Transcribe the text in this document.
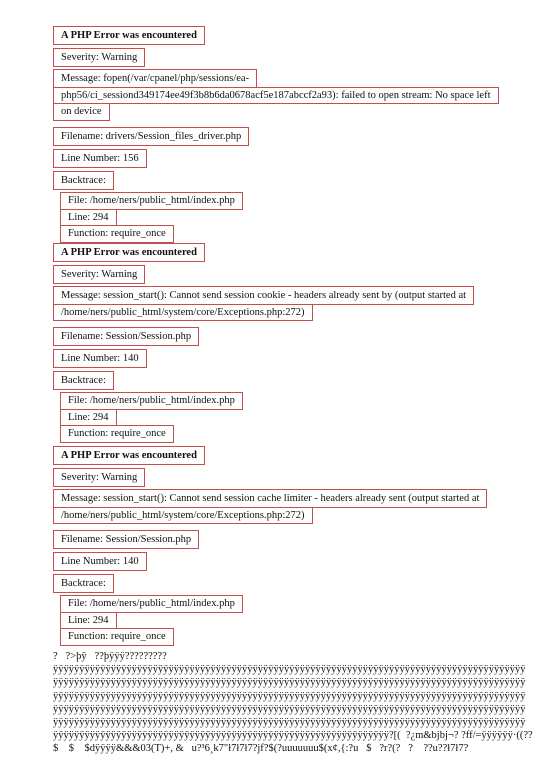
A PHP Error was encountered
Severity: Warning
Message: fopen(/var/cpanel/php/sessions/ea-
php56/ci_sessiond349174ee49f3b8b6da0678acf5e187abccf2a93): failed to open stream: No space left
on device
Filename: drivers/Session_files_driver.php
Line Number: 156
Backtrace:
File: /home/ners/public_html/index.php
Line: 294
Function: require_once
A PHP Error was encountered
Severity: Warning
Message: session_start(): Cannot send session cookie - headers already sent by (output started at
/home/ners/public_html/system/core/Exceptions.php:272)
Filename: Session/Session.php
Line Number: 140
Backtrace:
File: /home/ners/public_html/index.php
Line: 294
Function: require_once
A PHP Error was encountered
Severity: Warning
Message: session_start(): Cannot send session cache limiter - headers already sent (output started at
/home/ners/public_html/system/core/Exceptions.php:272)
Filename: Session/Session.php
Line Number: 140
Backtrace:
File: /home/ners/public_html/index.php
Line: 294
Function: require_once
?   ?>þÿ   ??þÿÿÿ?????????
ÿÿÿÿÿÿÿÿÿÿÿÿÿÿÿÿÿÿÿÿÿÿÿÿÿÿÿÿÿÿÿÿÿÿÿÿÿÿÿÿÿÿÿÿÿÿÿÿÿÿÿÿÿÿÿÿÿÿÿÿÿÿÿÿÿÿÿÿÿÿÿÿÿÿÿÿÿÿÿÿÿÿÿÿÿÿÿÿÿÿ
ÿÿÿÿÿÿÿÿÿÿÿÿÿÿÿÿÿÿÿÿÿÿÿÿÿÿÿÿÿÿÿÿÿÿÿÿÿÿÿÿÿÿÿÿÿÿÿÿÿÿÿÿÿÿÿÿÿÿÿÿÿÿÿÿÿÿÿÿÿÿÿÿÿÿÿÿÿÿÿÿÿÿÿÿÿÿÿÿÿÿ
ÿÿÿÿÿÿÿÿÿÿÿÿÿÿÿÿÿÿÿÿÿÿÿÿÿÿÿÿÿÿÿÿÿÿÿÿÿÿÿÿÿÿÿÿÿÿÿÿÿÿÿÿÿÿÿÿÿÿÿÿÿÿÿÿÿÿÿÿÿÿÿÿÿÿÿÿÿÿÿÿÿÿÿÿÿÿÿÿÿÿ
ÿÿÿÿÿÿÿÿÿÿÿÿÿÿÿÿÿÿÿÿÿÿÿÿÿÿÿÿÿÿÿÿÿÿÿÿÿÿÿÿÿÿÿÿÿÿÿÿÿÿÿÿÿÿÿÿÿÿÿÿÿÿÿÿÿÿÿÿÿÿÿÿÿÿÿÿÿÿÿÿÿÿÿÿÿÿÿÿÿÿ
ÿÿÿÿÿÿÿÿÿÿÿÿÿÿÿÿÿÿÿÿÿÿÿÿÿÿÿÿÿÿÿÿÿÿÿÿÿÿÿÿÿÿÿÿÿÿÿÿÿÿÿÿÿÿÿÿÿÿÿÿÿÿÿÿÿÿÿÿÿÿÿÿÿÿÿÿÿÿÿÿÿÿÿÿÿÿÿÿÿÿ
ÿÿÿÿÿÿÿÿÿÿÿÿÿÿÿÿÿÿÿÿÿÿÿÿÿÿÿÿÿÿÿÿÿÿÿÿÿÿÿÿÿÿÿÿÿÿÿÿÿÿÿÿÿÿÿÿÿÿÿÿÿÿÿÿ?[(  ?¿m&bjbj¬? ?ff/=ÿÿÿÿÿÿ·((??
$    $    $dÿÿÿÿ&&&03(T)+, &   u?³6¸k7"ł7ł7ł7?jf?$(?uuuuuuu$(x¢,{:?u   $   ?r?(?   ?    ??u??ł7ł7?
